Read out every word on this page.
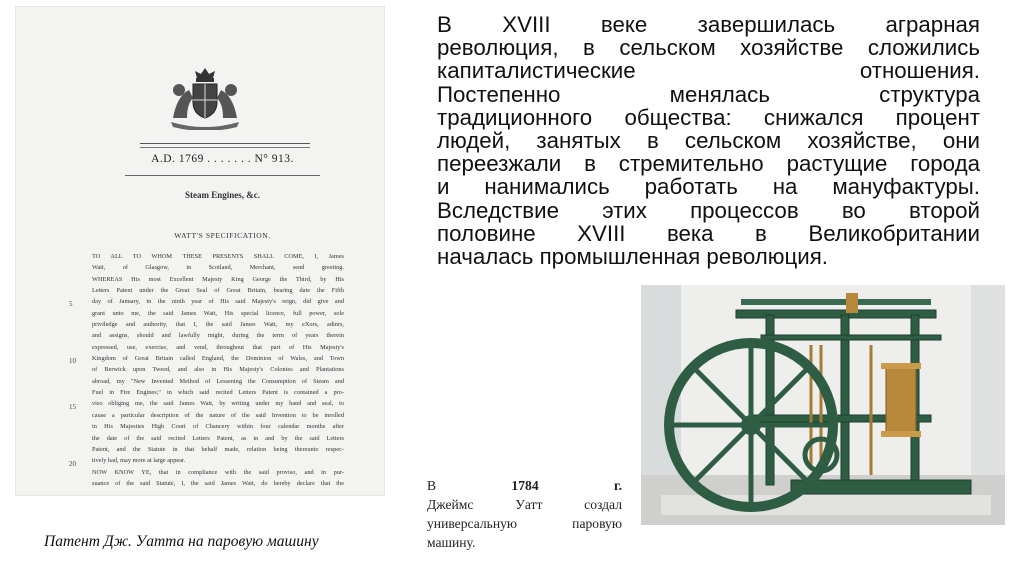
A.D. 1769 . . . . . . . N° 913.
Steam Engines, &c.
WATT'S SPECIFICATION.
5
10
15
20
TO ALL TO WHOM THESE PRESENTS SHALL COME, I, James
Watt, of Glasgow, in Scotland, Merchant, send greeting.
WHEREAS His most Excellent Majesty King George the Third, by His
Letters Patent under the Great Seal of Great Britain, bearing date the Fifth
day of January, in the ninth year of His said Majesty's reign, did give and
grant unto me, the said James Watt, His special licence, full power, sole
priviledge and authority, that I, the said James Watt, my eXors, adinrs,
and assigns, should and lawfully might, during the term of years therein
expressed, use, exercise, and vend, throughout that part of His Majesty's
Kingdom of Great Britain called England, the Dominion of Wales, and Town
of Berwick upon Tweed, and also in His Majesty's Colonies and Plantations
abroad, my "New Invented Method of Lessening the Consumption of Steam and
Fuel in Fire Engines;" in which said recited Letters Patent is contained a pro-
viso obliging me, the said James Watt, by writing under my hand and seal, to
cause a particular description of the nature of the said Invention to be inrolled
in His Majesties High Court of Chancery within four calendar months after
the date of the said recited Letters Patent, as in and by the said Letters
Patent, and the Statute in that behalf made, relation being thereunto respec-
tively had, may more at large appear.
NOW KNOW YE, that in compliance with the said proviso, and in pur-
suance of the said Statute, I, the said James Watt, do hereby declare that the
Патент Дж. Уатта на паровую машину
В XVIII веке завершилась аграрная
революция, в сельском хозяйстве сложились
капиталистические отношения.
Постепенно менялась структура
традиционного общества: снижался процент
людей, занятых в сельском хозяйстве, они
переезжали в стремительно растущие города
и нанимались работать на мануфактуры.
Вследствие этих процессов во второй
половине XVIII века в Великобритании
началась промышленная революция.
В	1784	г.
Джеймс Уатт создал
универсальную паровую
машину.
